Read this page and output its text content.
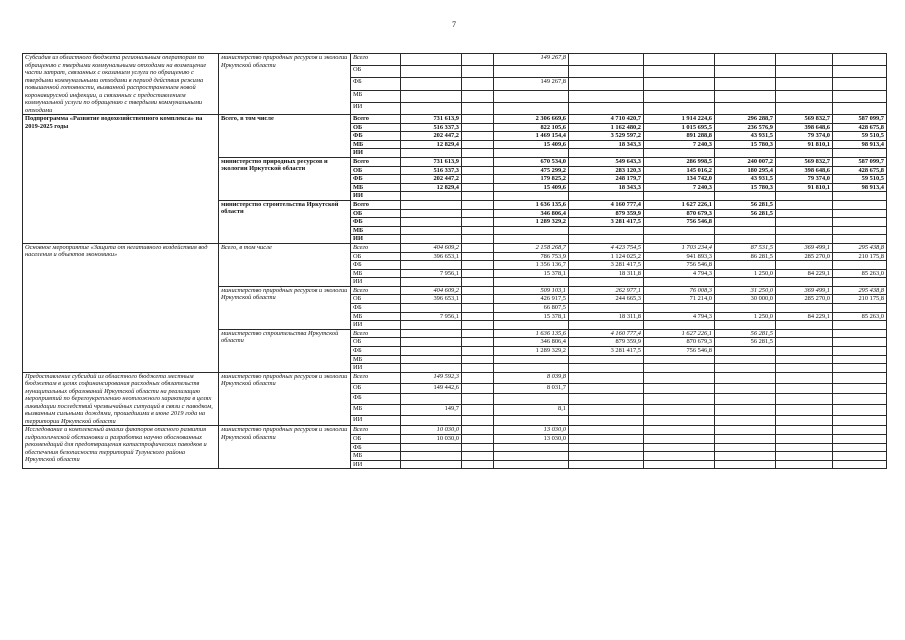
7
Субсидия из областного бюджета региональным операторам по обращению с твердыми коммунальными отходами на возмещение части затрат, связанных с оказанием услуги по обращению с твердыми коммунальными отходами в период действия режима повышенной готовности, вызванной распространением новой коронавирусной инфекции, и связанных с предоставлением коммунальной услуги по обращению с твердыми коммунальными отходами	министерство природных ресурсов и экологии Иркутской области	Всего			149 267,8					
		ОБ								
		ФБ			149 267,8					
		МБ								
		ИИ								
Подпрограмма «Развитие водохозяйственного комплекса» на 2019-2025 годы	Всего, в том числе	Всего	731 613,9		2 306 669,6	4 710 420,7	1 914 224,6	296 288,7	569 832,7	587 099,7
		ОБ	516 337,3		822 105,6	1 162 480,2	1 015 695,5	236 576,9	398 648,6	428 675,8
		ФБ	202 447,2		1 469 154,4	3 529 597,2	891 288,8	43 931,5	79 374,0	59 510,5
		МБ	12 829,4		15 409,6	18 343,3	7 240,3	15 780,3	91 810,1	98 913,4
		ИИ								
	министерство природных ресурсов и экологии Иркутской области	Всего	731 613,9		670 534,0	549 643,3	286 998,5	240 007,2	569 832,7	587 099,7
		ОБ	516 337,3		475 299,2	283 120,3	145 016,2	180 295,4	398 648,6	428 675,8
		ФБ	202 447,2		179 825,2	248 179,7	134 742,0	43 931,5	79 374,0	59 510,5
		МБ	12 829,4		15 409,6	18 343,3	7 240,3	15 780,3	91 810,1	98 913,4
		ИИ								
	министерство строительства Иркутской области	Всего			1 636 135,6	4 160 777,4	1 627 226,1	56 281,5		
		ОБ			346 806,4	879 359,9	870 679,3	56 281,5		
		ФБ			1 289 329,2	3 281 417,5	756 546,8			
		МБ								
		ИИ								
Основное мероприятие «Защита от негативного воздействия вод населения и объектов экономики»	Всего, в том числе	Всего	404 609,2		2 158 268,7	4 423 754,5	1 703 234,4	87 531,5	369 499,1	295 438,8
		ОБ	396 653,1		786 753,9	1 124 025,2	941 893,3	86 281,5	285 270,0	210 175,8
		ФБ			1 356 136,7	3 281 417,5	756 546,8			
		МБ	7 956,1		15 378,1	18 311,8	4 794,3	1 250,0	84 229,1	85 263,0
		ИИ								
	министерство природных ресурсов и экологии Иркутской области	Всего	404 609,2		509 103,1	262 977,1	76 008,3	31 250,0	369 499,1	295 438,8
		ОБ	396 653,1		426 917,5	244 665,3	71 214,0	30 000,0	285 270,0	210 175,8
		ФБ			66 807,5					
		МБ	7 956,1		15 378,1	18 311,8	4 794,3	1 250,0	84 229,1	85 263,0
		ИИ								
	министерство строительства Иркутской области	Всего			1 636 135,6	4 160 777,4	1 627 226,1	56 281,5		
		ОБ			346 806,4	879 359,9	870 679,3	56 281,5		
		ФБ			1 289 329,2	3 281 417,5	756 546,8			
		МБ								
		ИИ								
Предоставление субсидий из областного бюджета местным бюджетам в целях софинансирования расходных обязательств муниципальных образований Иркутской области на реализацию мероприятий по берегоукреплению неотложного характера в целях ликвидации последствий чрезвычайных ситуаций в связи с паводком, вызванным сильными дождями, прошедшими в июне 2019 года на территории Иркутской области	министерство природных ресурсов и экологии Иркутской области	Всего	149 592,3		8 039,8					
		ОБ	149 442,6		8 031,7					
		ФБ								
		МБ	149,7		8,1					
		ИИ								
Исследование и комплексный анализ факторов опасного развития гидрологической обстановки и разработка научно обоснованных рекомендаций для предотвращения катастрофических паводков и обеспечения безопасности территорий Тулунского района Иркутской области	министерство природных ресурсов и экологии Иркутской области	Всего	10 030,0		13 030,0					
		ОБ	10 030,0		13 030,0					
		ФБ								
		МБ								
		ИИ								
